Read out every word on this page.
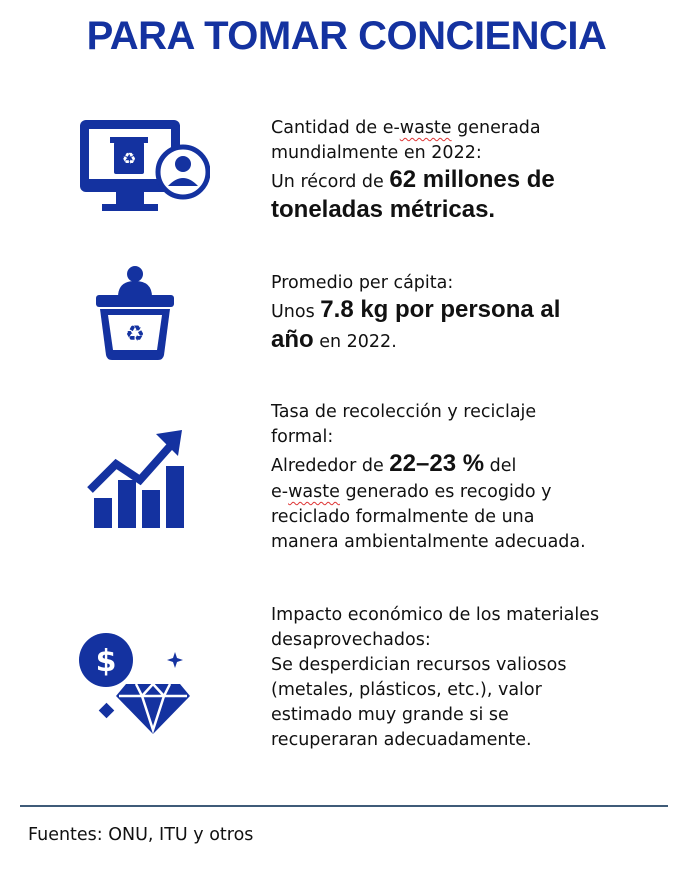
PARA TOMAR CONCIENCIA
♻
Cantidad de e-waste generada
mundialmente en 2022:
Un récord de 62 millones de
toneladas métricas.
♻
Promedio per cápita:
Unos 7.8 kg por persona al
año en 2022.
Tasa de recolección y reciclaje
formal:
Alrededor de 22–23 % del
e-waste generado es recogido y
reciclado formalmente de una
manera ambientalmente adecuada.
$
Impacto económico de los materiales
desaprovechados:
Se desperdician recursos valiosos
(metales, plásticos, etc.), valor
estimado muy grande si se
recuperaran adecuadamente.
Fuentes: ONU, ITU y otros
